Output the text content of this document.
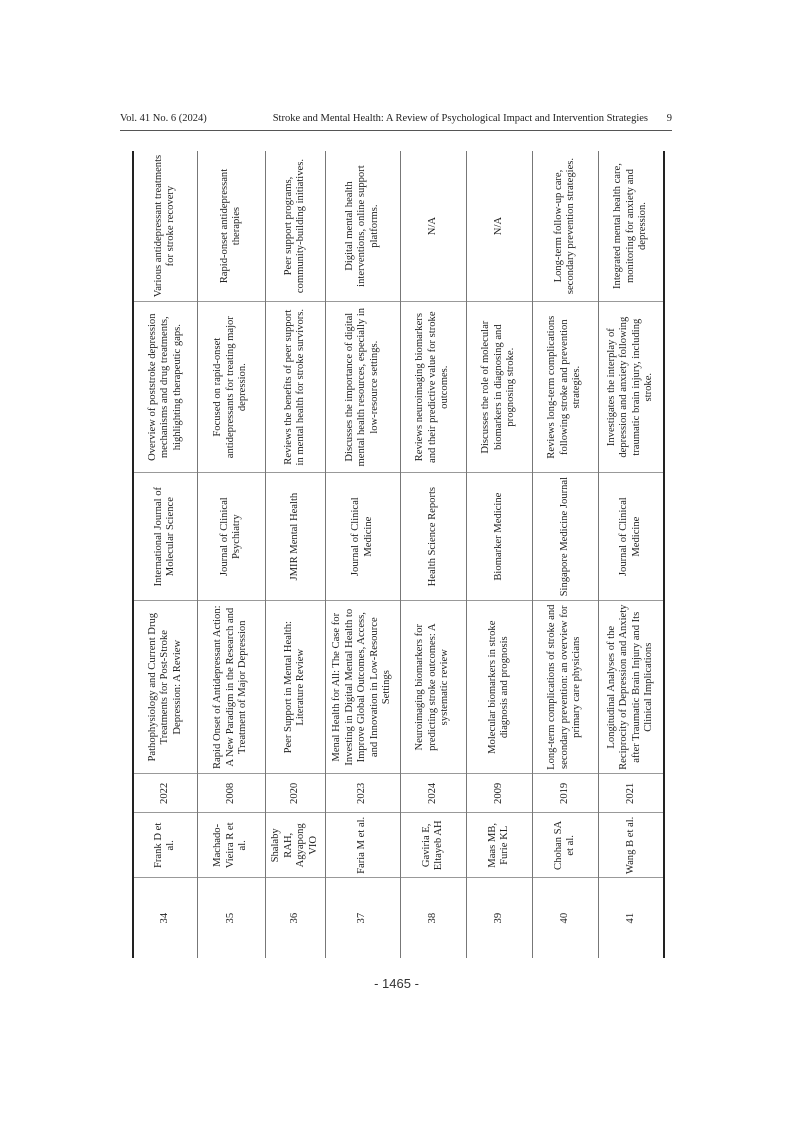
Vol. 41 No. 6 (2024)	Stroke and Mental Health: A Review of Psychological Impact and Intervention Strategies 9
34	Frank D et al.	2022	Pathophysiology and Current Drug Treatments for Post-Stroke Depression: A Review	International Journal of Molecular Science	Overview of poststroke depression mechanisms and drug treatments, highlighting therapeutic gaps.	Various antidepressant treatments for stroke recovery
35	Machado-Vieira R et al.	2008	Rapid Onset of Antidepressant Action: A New Paradigm in the Research and Treatment of Major Depression	Journal of Clinical Psychiatry	Focused on rapid-onset antidepressants for treating major depression.	Rapid-onset antidepressant therapies
36	Shalaby RAH, Agyapong VIO	2020	Peer Support in Mental Health: Literature Review	JMIR Mental Health	Reviews the benefits of peer support in mental health for stroke survivors.	Peer support programs, community-building initiatives.
37	Faria M et al.	2023	Menal Health for All: The Case for Investing in Digital Mental Health to Improve Global Outcomes, Access, and Innovation in Low-Resource Settings	Journal of Clinical Medicine	Discusses the importance of digital mental health resources, especially in low-resource settings.	Digital mental health interventions, online support platforms.
38	Gaviria E, Eltayeb AH	2024	Neuroimaging biomarkers for predicting stroke outcomes: A systematic review	Health Science Reports	Reviews neuroimaging biomarkers and their predictive value for stroke outcomes.	N/A
39	Maas MB, Furie KL	2009	Molecular biomarkers in stroke diagnosis and prognosis	Biomarker Medicine	Discusses the role of molecular biomarkers in diagnosing and prognosing stroke.	N/A
40	Chohan SA et al.	2019	Long-term complications of stroke and secondary prevention: an overview for primary care physicians	Singapore Medicine Journal	Reviews long-term complications following stroke and prevention strategies.	Long-term follow-up care, secondary prevention strategies.
41	Wang B et al.	2021	Longitudinal Analyses of the Reciprocity of Depression and Anxiety after Traumatic Brain Injury and Its Clinical Implications	Journal of Clinical Medicine	Investigates the interplay of depression and anxiety following traumatic brain injury, including stroke.	Integrated mental health care, monitoring for anxiety and depression.
- 1465 -
